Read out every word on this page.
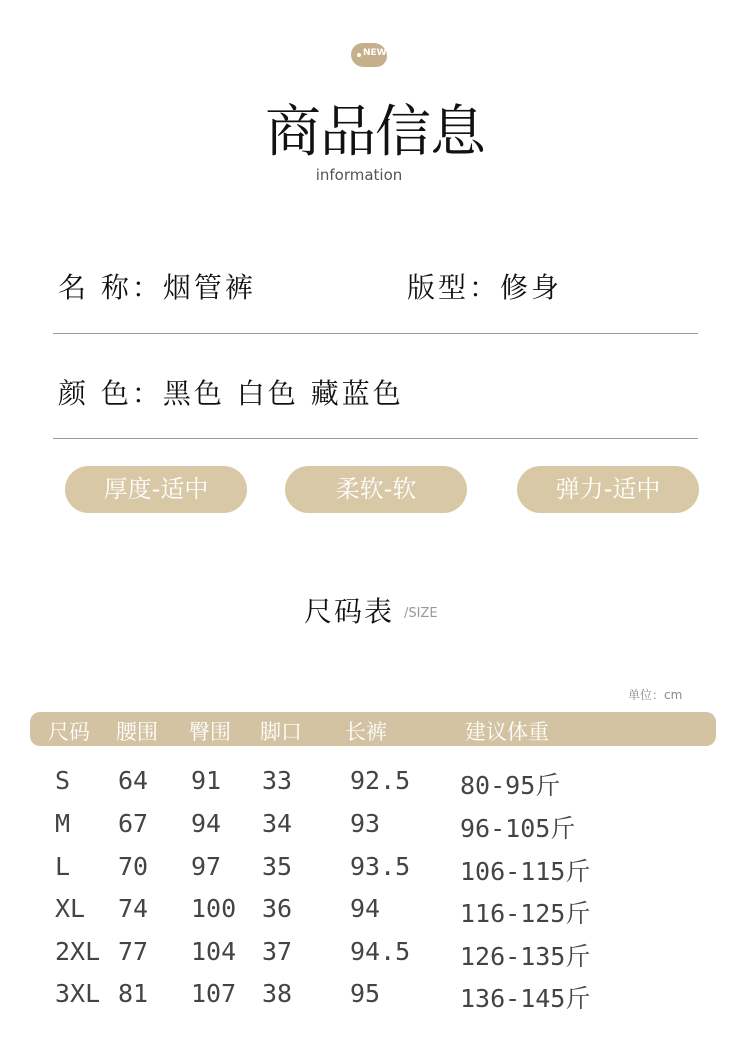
NEW
商品信息
information
名 称：烟管裤	版型：修身
颜 色：黑色 白色 藏蓝色
厚度-适中	柔软-软	弹力-适中
尺码表 /SIZE
单位：cm
尺码 腰围 臀围 脚口 长裤	建议体重
S 64 91 33 92.5 80-95斤
M 67 94 34 93	96-105斤
L 70 97 35 93.5 106-115斤
XL 74 100 36 94	116-125斤
2XL 77 104 37 94.5 126-135斤
3XL 81 107 38 95	136-145斤
